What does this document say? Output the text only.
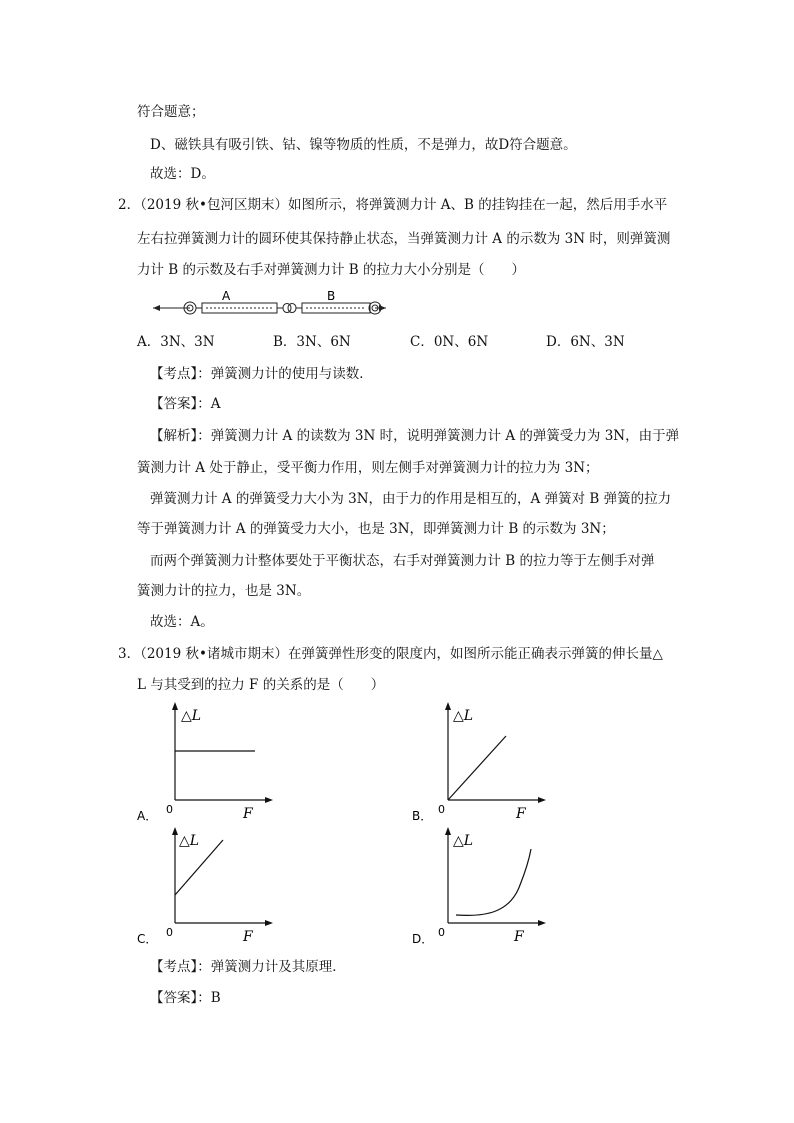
符合题意；
D、磁铁具有吸引铁、钴、镍等物质的性质，不是弹力，故D符合题意。
故选：D。
2．（2019 秋•包河区期末）如图所示，将弹簧测力计 A、B 的挂钩挂在一起，然后用手水平
左右拉弹簧测力计的圆环使其保持静止状态，当弹簧测力计 A 的示数为 3N 时，则弹簧测
力计 B 的示数及右手对弹簧测力计 B 的拉力大小分别是（　　）
A	B
A．3N、3N	B．3N、6N	C．0N、6N	D．6N、3N
【考点】：弹簧测力计的使用与读数．
【答案】：A
【解析】：弹簧测力计 A 的读数为 3N 时，说明弹簧测力计 A 的弹簧受力为 3N，由于弹
簧测力计 A 处于静止，受平衡力作用，则左侧手对弹簧测力计的拉力为 3N；
弹簧测力计 A 的弹簧受力大小为 3N，由于力的作用是相互的，A 弹簧对 B 弹簧的拉力
等于弹簧测力计 A 的弹簧受力大小，也是 3N，即弹簧测力计 B 的示数为 3N；
而两个弹簧测力计整体要处于平衡状态，右手对弹簧测力计 B 的拉力等于左侧手对弹
簧测力计的拉力，也是 3N。
故选：A。
3．（2019 秋•诸城市期末）在弹簧弹性形变的限度内，如图所示能正确表示弹簧的伸长量△
L 与其受到的拉力 F 的关系的是（　　）
△L
F
0
A．
△L
F
0
B．
△L
F
0
C．
△L
F
0
D．
【考点】：弹簧测力计及其原理．
【答案】：B
